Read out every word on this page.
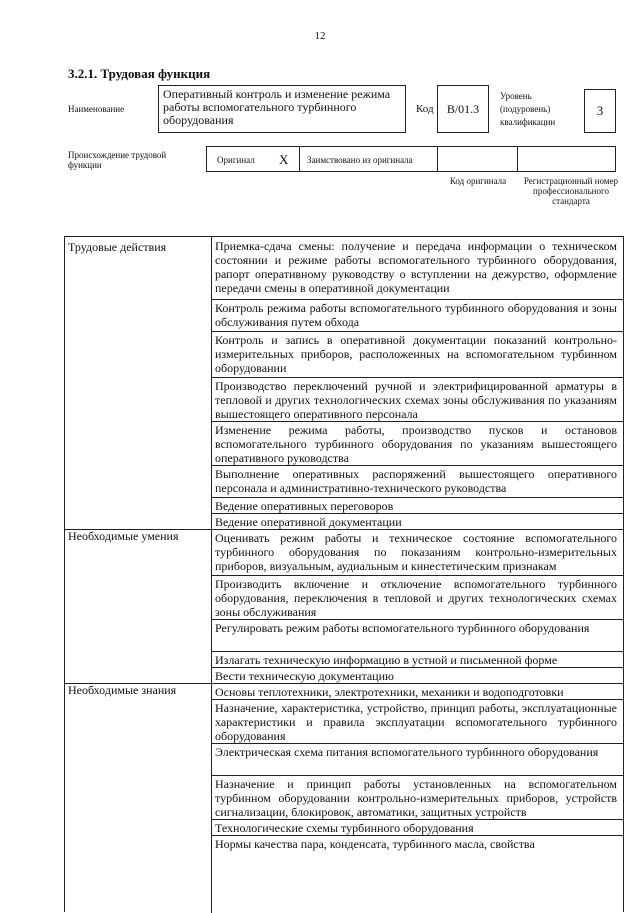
12
3.2.1. Трудовая функция
Наименование
Оперативный контроль и изменение режима работы вспомогательного турбинного оборудования
Код B/01.3
Уровень (подуровень) квалификации
3
Происхождение трудовой функции	Оригинал X Заимствовано из оригинала
Код оригинала	Регистрационный номер профессионального стандарта
Трудовые действия
Необходимые умения
Необходимые знания
Приемка-сдача смены: получение и передача информации о техническом состоянии и режиме работы вспомогательного турбинного оборудования, рапорт оперативному руководству о вступлении на дежурство, оформление передачи смены в оперативной документации
Контроль режима работы вспомогательного турбинного оборудования и зоны обслуживания путем обхода
Контроль и запись в оперативной документации показаний контрольно-измерительных приборов, расположенных на вспомогательном турбинном оборудовании
Производство переключений ручной и электрифицированной арматуры в тепловой и других технологических схемах зоны обслуживания по указаниям вышестоящего оперативного персонала
Изменение режима работы, производство пусков и остановов вспомогательного турбинного оборудования по указаниям вышестоящего оперативного руководства
Выполнение оперативных распоряжений вышестоящего оперативного персонала и административно-технического руководства
Ведение оперативных переговоров
Ведение оперативной документации
Оценивать режим работы и техническое состояние вспомогательного турбинного оборудования по показаниям контрольно-измерительных приборов, визуальным, аудиальным и кинестетическим признакам
Производить включение и отключение вспомогательного турбинного оборудования, переключения в тепловой и других технологических схемах зоны обслуживания
Регулировать режим работы вспомогательного турбинного оборудования
Излагать техническую информацию в устной и письменной форме
Вести техническую документацию
Основы теплотехники, электротехники, механики и водоподготовки
Назначение, характеристика, устройство, принцип работы, эксплуатационные характеристики и правила эксплуатации вспомогательного турбинного оборудования
Электрическая схема питания вспомогательного турбинного оборудования
Назначение и принцип работы установленных на вспомогательном турбинном оборудовании контрольно-измерительных приборов, устройств сигнализации, блокировок, автоматики, защитных устройств
Технологические схемы турбинного оборудования
Нормы качества пара, конденсата, турбинного масла, свойства
